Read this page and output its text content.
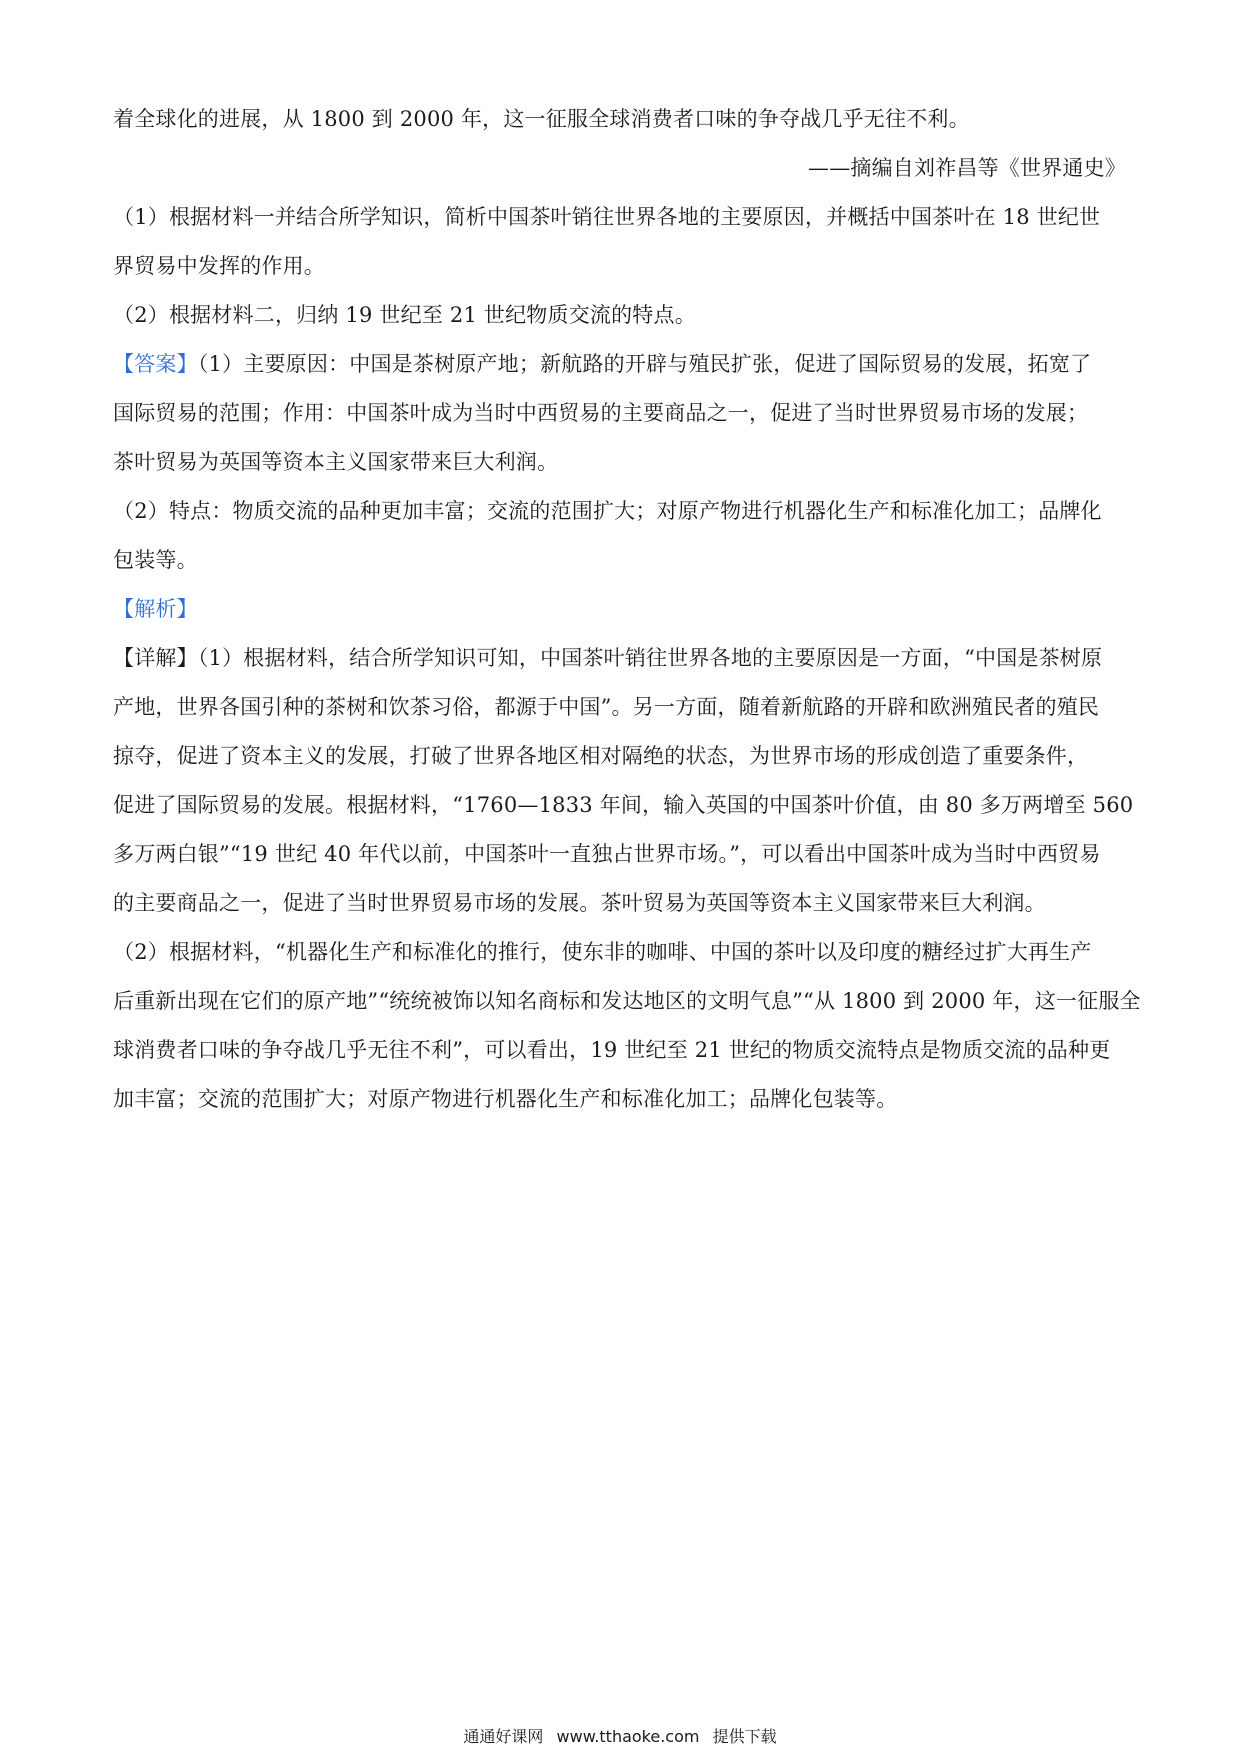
着全球化的进展，从 1800 到 2000 年，这一征服全球消费者口味的争夺战几乎无往不利。
——摘编自刘祚昌等《世界通史》
（1）根据材料一并结合所学知识，简析中国茶叶销往世界各地的主要原因，并概括中国茶叶在 18 世纪世
界贸易中发挥的作用。
（2）根据材料二，归纳 19 世纪至 21 世纪物质交流的特点。
【答案】（1）主要原因：中国是茶树原产地；新航路的开辟与殖民扩张，促进了国际贸易的发展，拓宽了
国际贸易的范围；作用：中国茶叶成为当时中西贸易的主要商品之一，促进了当时世界贸易市场的发展；
茶叶贸易为英国等资本主义国家带来巨大利润。
（2）特点：物质交流的品种更加丰富；交流的范围扩大；对原产物进行机器化生产和标准化加工；品牌化
包装等。
【解析】
【详解】（1）根据材料，结合所学知识可知，中国茶叶销往世界各地的主要原因是一方面，“中国是茶树原
产地，世界各国引种的茶树和饮茶习俗，都源于中国”。另一方面，随着新航路的开辟和欧洲殖民者的殖民
掠夺，促进了资本主义的发展，打破了世界各地区相对隔绝的状态，为世界市场的形成创造了重要条件，
促进了国际贸易的发展。根据材料，“1760—1833 年间，输入英国的中国茶叶价值，由 80 多万两增至 560
多万两白银”“19 世纪 40 年代以前，中国茶叶一直独占世界市场。”，可以看出中国茶叶成为当时中西贸易
的主要商品之一，促进了当时世界贸易市场的发展。茶叶贸易为英国等资本主义国家带来巨大利润。
（2）根据材料，“机器化生产和标准化的推行，使东非的咖啡、中国的茶叶以及印度的糖经过扩大再生产
后重新出现在它们的原产地”“统统被饰以知名商标和发达地区的文明气息”“从 1800 到 2000 年，这一征服全
球消费者口味的争夺战几乎无往不利”，可以看出，19 世纪至 21 世纪的物质交流特点是物质交流的品种更
加丰富；交流的范围扩大；对原产物进行机器化生产和标准化加工；品牌化包装等。
通通好课网 www.tthaoke.com 提供下载
